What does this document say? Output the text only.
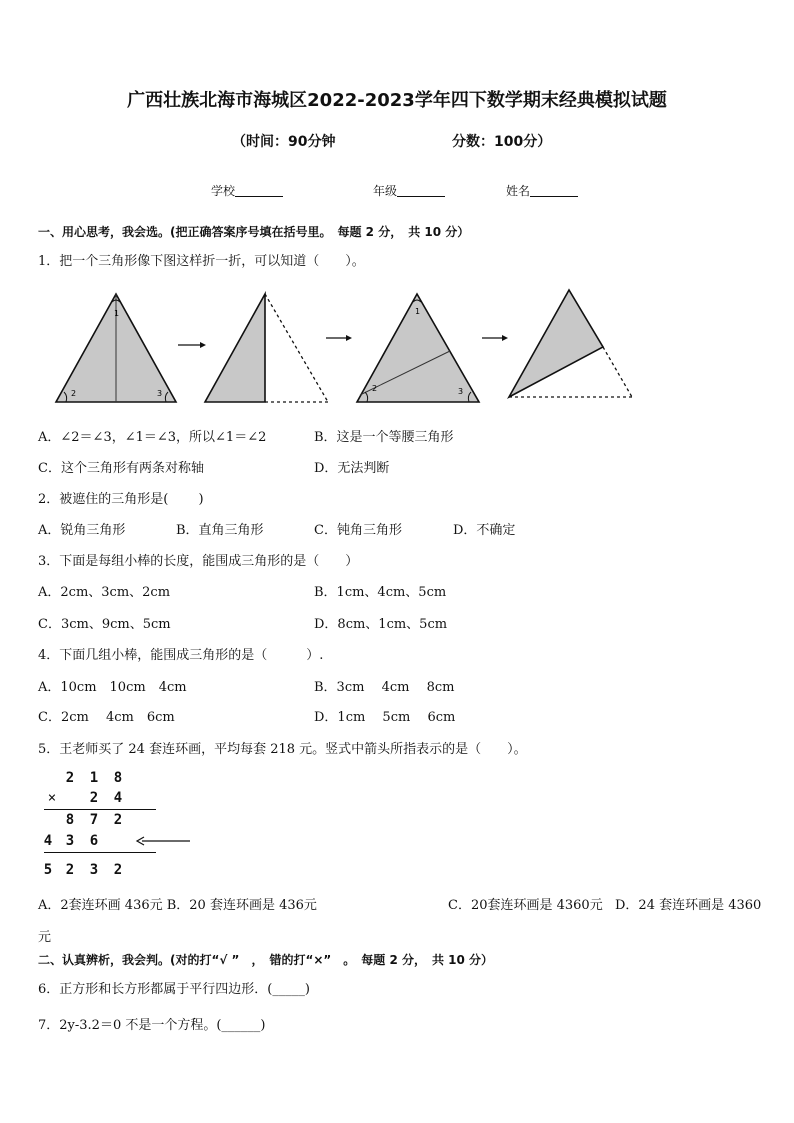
广西壮族北海市海城区2022-2023学年四下数学期末经典模拟试题
（时间：90分钟	分数：100分）
学校	年级	姓名
一、用心思考，我会选。(把正确答案序号填在括号里。　每题 2 分，　共 10 分）
1．把一个三角形像下图这样折一折，可以知道（　　）。
1
2	3
1
2	3
A．∠2＝∠3，∠1＝∠3，所以∠1＝∠2	B．这是一个等腰三角形
C．这个三角形有两条对称轴	D．无法判断
2．被遮住的三角形是(　　 )
A．锐角三角形	B．直角三角形	C．钝角三角形	D．不确定
3．下面是每组小棒的长度，能围成三角形的是（　　）
A．2cm、3cm、2cm	B．1cm、4cm、5cm
C．3cm、9cm、5cm	D．8cm、1cm、5cm
4．下面几组小棒，能围成三角形的是（　　　）.
A．10cm　10cm　4cm	B．3cm　 4cm　 8cm
C．2cm　 4cm　6cm	D．1cm　 5cm　 6cm
5．王老师买了 24 套连环画，平均每套 218 元。竖式中箭头所指表示的是（　　）。
2 1 8
× 2 4
8 7 2
4 3 6
5 2 3 2
A．2套连环画 436元 B．20 套连环画是 436元	C．20套连环画是 4360元 D．24 套连环画是 4360
元
二、认真辨析，我会判。(对的打“√ ”　，　错的打“×”　。　每题 2 分，　共 10 分）
6．正方形和长方形都属于平行四边形．(_____)
7．2y-3.2＝0 不是一个方程。(______)
